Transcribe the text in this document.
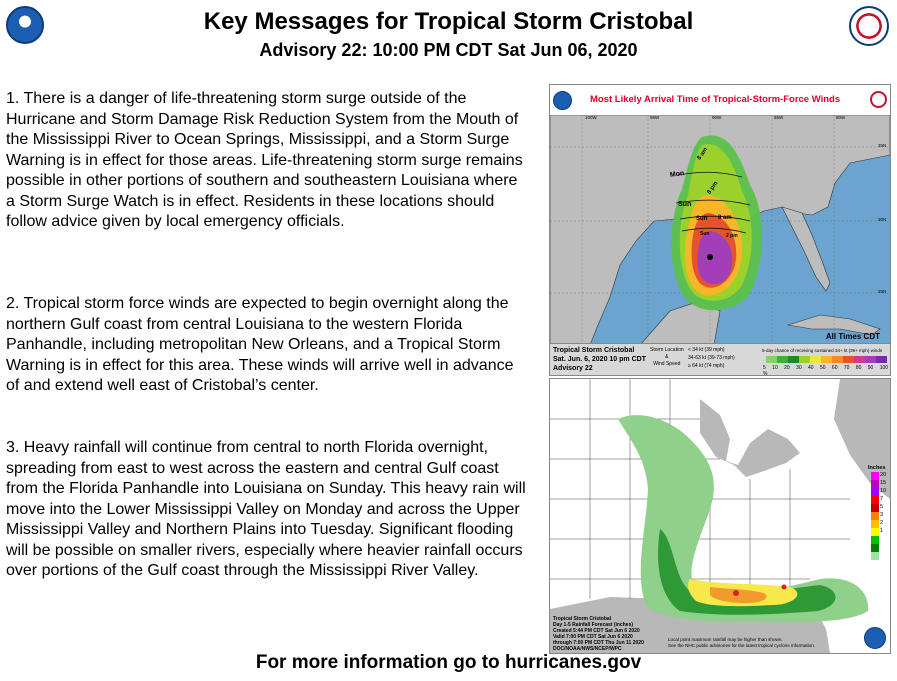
Key Messages for Tropical Storm Cristobal
Advisory 22: 10:00 PM CDT Sat Jun 06, 2020

1. There is a danger of life-threatening storm surge outside of the Hurricane and Storm Damage Risk Reduction System from the Mouth of the Mississippi River to Ocean Springs, Mississippi, and a Storm Surge Warning is in effect for those areas. Life-threatening storm surge remains possible in other portions of southern and southeastern Louisiana where a Storm Surge Watch is in effect. Residents in these locations should follow advice given by local emergency officials.

2. Tropical storm force winds are expected to begin overnight along the northern Gulf coast from central Louisiana to the western Florida Panhandle, including metropolitan New Orleans, and a Tropical Storm Warning is in effect for this area. These winds will arrive well in advance of and extend well east of Cristobal’s center.

3. Heavy rainfall will continue from central to north Florida overnight, spreading from east to west across the eastern and central Gulf coast from the Florida Panhandle into Louisiana on Sunday. This heavy rain will move into the Lower Mississippi Valley on Monday and across the Upper Mississippi Valley and Northern Plains into Tuesday. Significant flooding will be possible on smaller rivers, especially where heavier rainfall occurs over portions of the Gulf coast through the Mississippi River Valley.

Most Likely Arrival Time of Tropical-Storm-Force Winds
100W	95W	90W	85W	80W
35N
30N
25N
Mon
8 am
Sun
8 pm
Sun 8 am
Sun	2 pm
All Times CDT
Tropical Storm Cristobal
Sat. Jun. 6, 2020 10 pm CDT
Advisory 22
Storm Location
&
Wind Speed
< 34 kt (39 mph)
34-63 kt (39-73 mph)
≥ 64 kt (74 mph)
5-day chance of receiving sustained 34+ kt (39+ mph) winds
5 10 20 30 40 50 60 70 80 90 100 %
Inches
20
15
10
7
5
3
2
1
Tropical Storm Cristobal
Day 1-5 Rainfall Forecast (inches)
Created 5:44 PM CDT Sat Jun 6 2020
Valid 7:00 PM CDT Sat Jun 6 2020
through 7:00 PM CDT Thu Jun 11 2020
DOC/NOAA/NWS/NCEP/WPC
Local point maximum rainfall may be higher than shown.
See the NHC public advisories for the latest tropical cyclone information.
For more information go to hurricanes.gov
